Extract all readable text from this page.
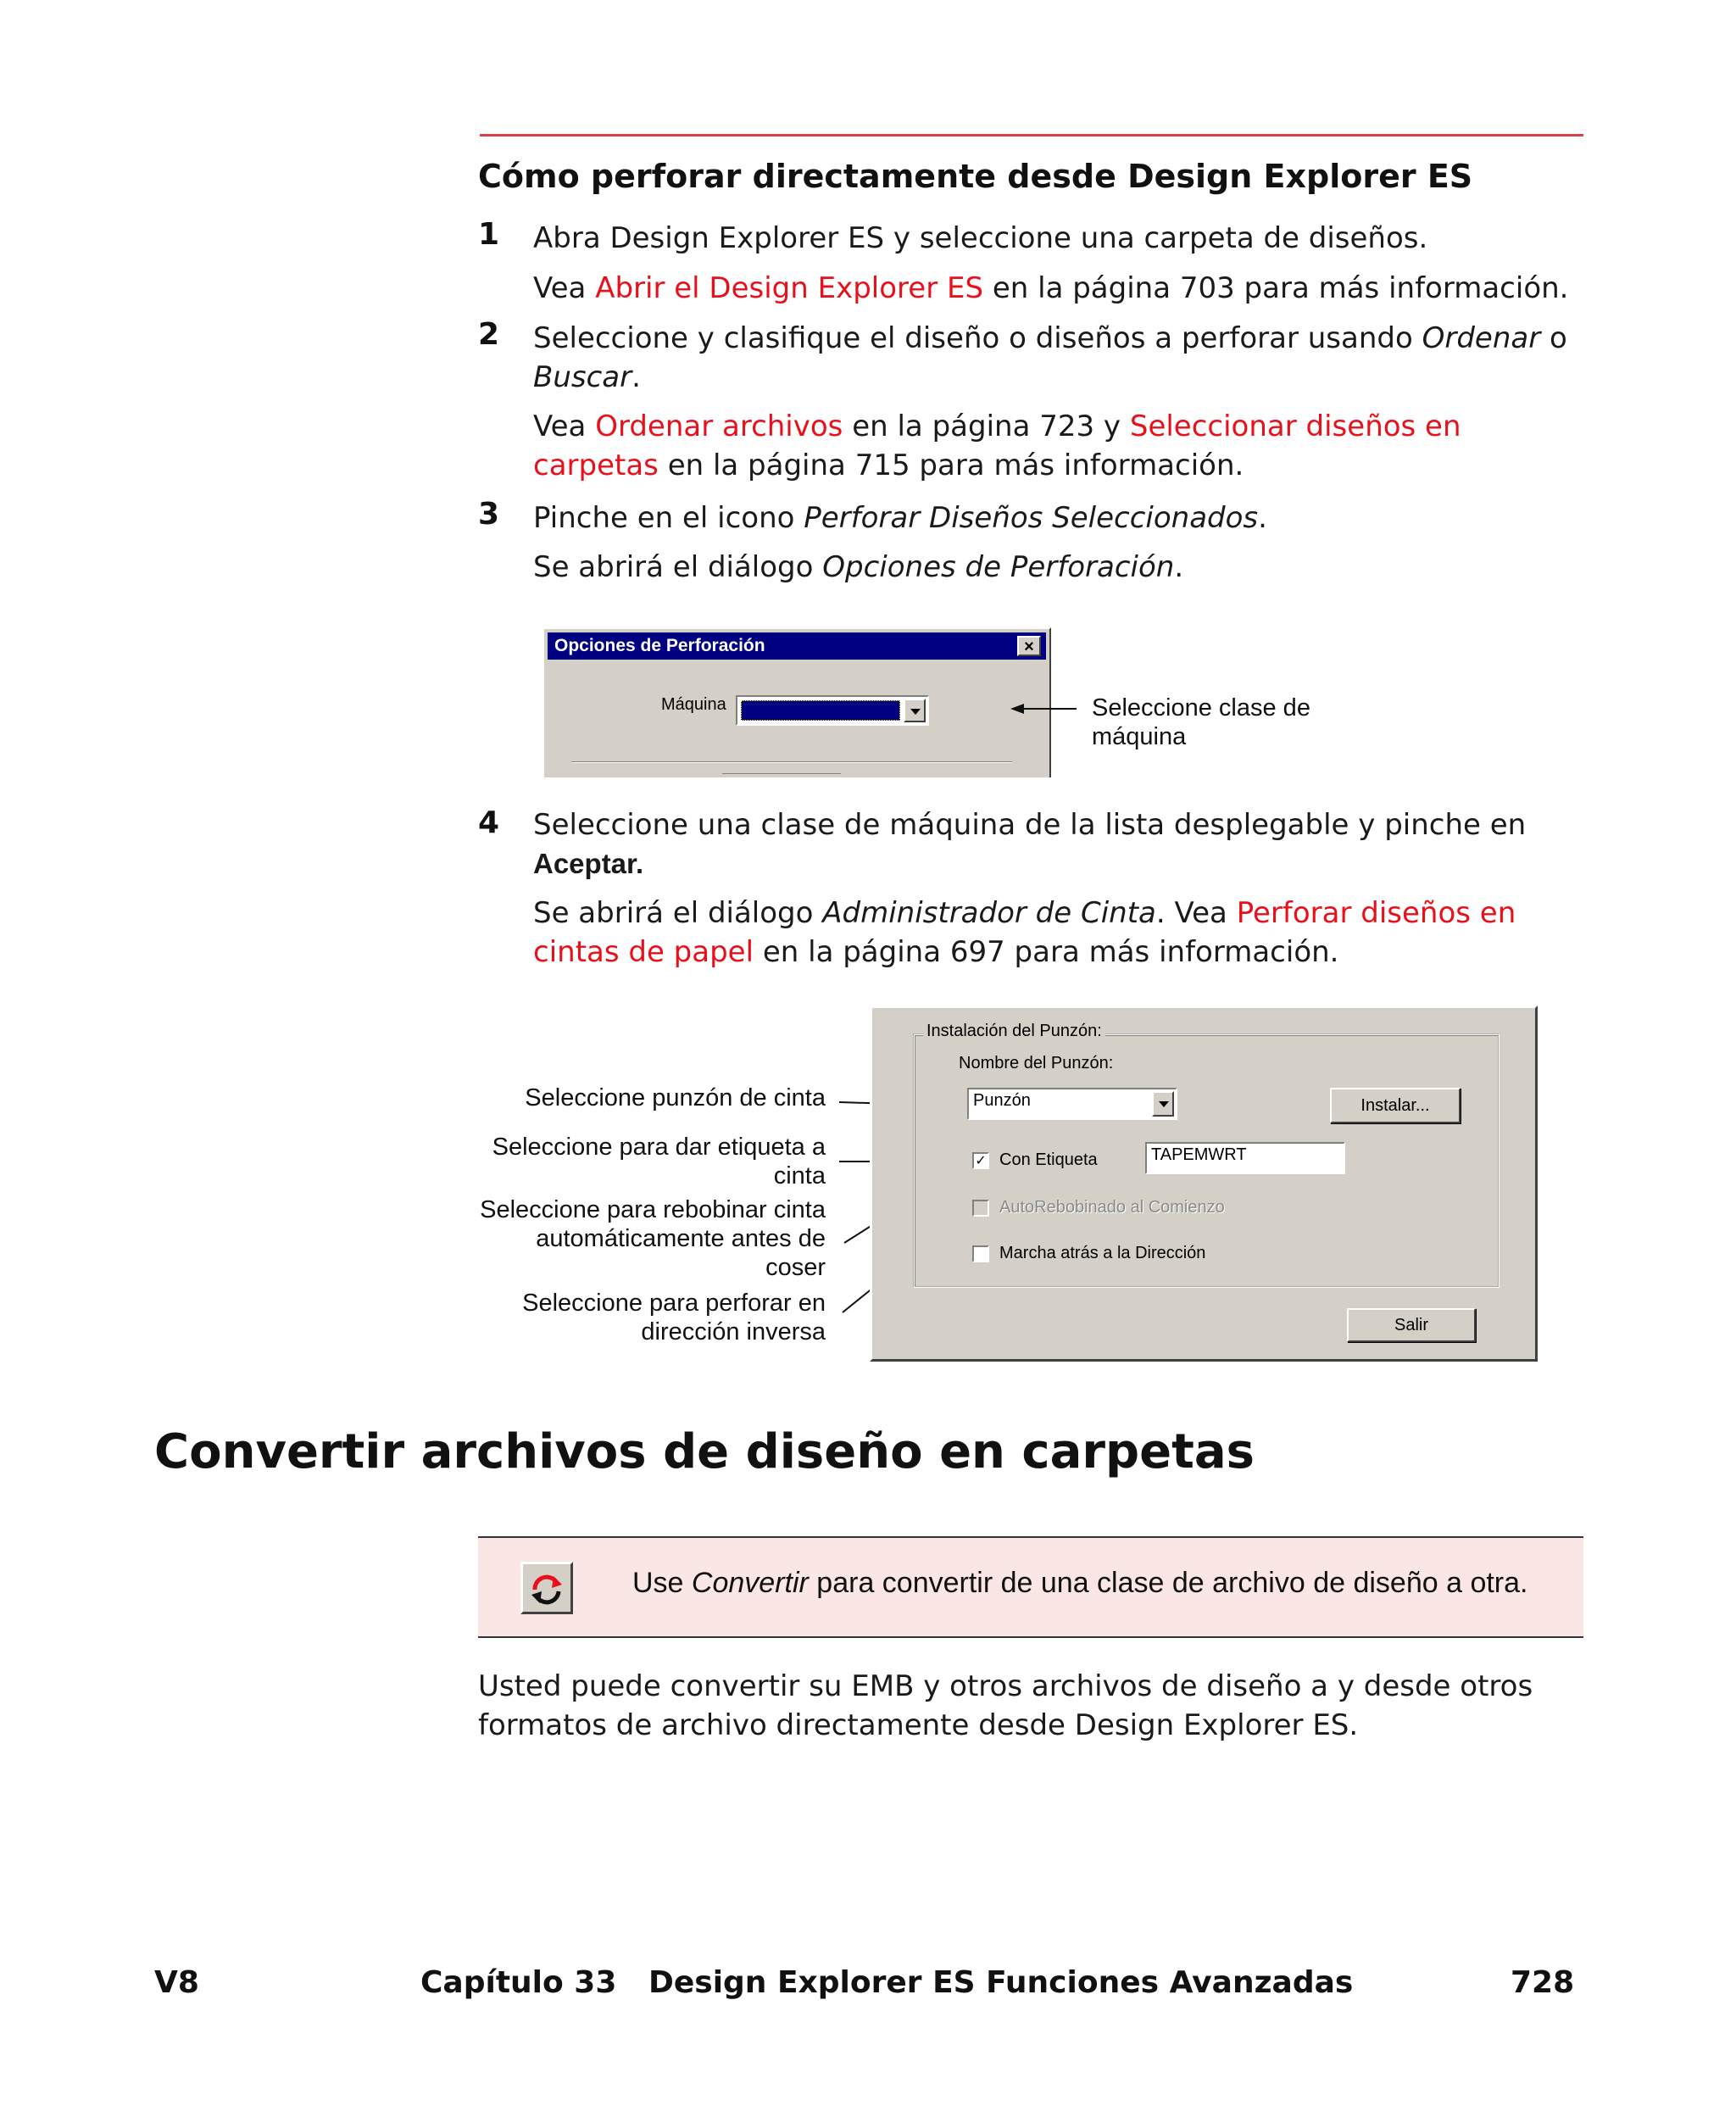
Cómo perforar directamente desde Design Explorer ES
1 Abra Design Explorer ES y seleccione una carpeta de diseños.
Vea Abrir el Design Explorer ES en la página 703 para más información.
2 Seleccione y clasifique el diseño o diseños a perforar usando Ordenar o Buscar.
Vea Ordenar archivos en la página 723 y Seleccionar diseños en carpetas en la página 715 para más información.
3 Pinche en el icono Perforar Diseños Seleccionados.
Se abrirá el diálogo Opciones de Perforación.
Opciones de Perforación	×
Máquina	Seleccione clase de máquina
4 Seleccione una clase de máquina de la lista desplegable y pinche en
Aceptar.
Se abrirá el diálogo Administrador de Cinta. Vea Perforar diseños en cintas de papel en la página 697 para más información.
Seleccione punzón de cinta
Seleccione para dar etiqueta a cinta
Seleccione para rebobinar cinta automáticamente antes de coser
Seleccione para perforar en dirección inversa
Instalación del Punzón:
Nombre del Punzón:
Punzón	Instalar...
✓ Con Etiqueta	TAPEMWRT
AutoRebobinado al Comienzo
Marcha atrás a la Dirección
Salir
Convertir archivos de diseño en carpetas
Use Convertir para convertir de una clase de archivo de diseño a otra.
Usted puede convertir su EMB y otros archivos de diseño a y desde otros formatos de archivo directamente desde Design Explorer ES.
V8	Capítulo 33   Design Explorer ES Funciones Avanzadas	728
